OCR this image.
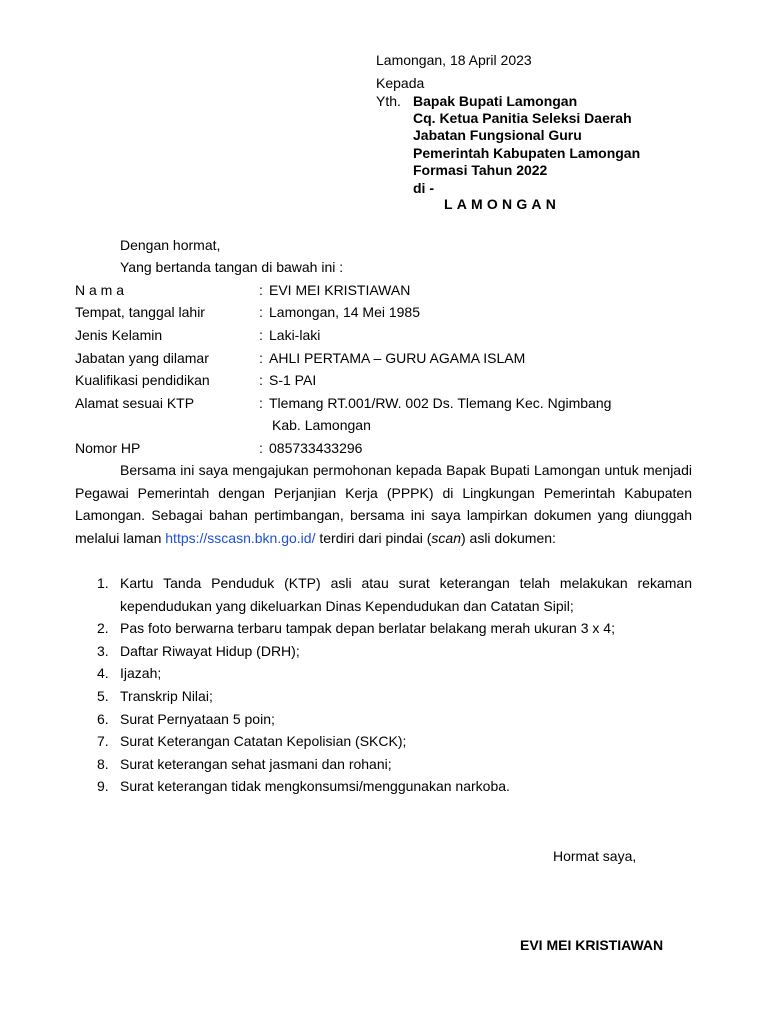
Lamongan, 18 April 2023
Kepada
Yth. Bapak Bupati Lamongan
Cq. Ketua Panitia Seleksi Daerah
Jabatan Fungsional Guru
Pemerintah Kabupaten Lamongan
Formasi Tahun 2022
di -
LAMONGAN
Dengan hormat,
Yang bertanda tangan di bawah ini :
N a m a	: EVI MEI KRISTIAWAN
Tempat, tanggal lahir	: Lamongan, 14 Mei 1985
Jenis Kelamin	: Laki-laki
Jabatan yang dilamar	: AHLI PERTAMA – GURU AGAMA ISLAM
Kualifikasi pendidikan	: S-1 PAI
Alamat sesuai KTP	: Tlemang RT.001/RW. 002 Ds. Tlemang Kec. Ngimbang
Kab. Lamongan
Nomor HP	: 085733433296
Bersama ini saya mengajukan permohonan kepada Bapak Bupati Lamongan untuk menjadi Pegawai Pemerintah dengan Perjanjian Kerja (PPPK) di Lingkungan Pemerintah Kabupaten Lamongan. Sebagai bahan pertimbangan, bersama ini saya lampirkan dokumen yang diunggah melalui laman https://sscasn.bkn.go.id/ terdiri dari pindai (scan) asli dokumen:
1. Kartu Tanda Penduduk (KTP) asli atau surat keterangan telah melakukan rekaman kependudukan yang dikeluarkan Dinas Kependudukan dan Catatan Sipil;
2. Pas foto berwarna terbaru tampak depan berlatar belakang merah ukuran 3 x 4;
3. Daftar Riwayat Hidup (DRH);
4. Ijazah;
5. Transkrip Nilai;
6. Surat Pernyataan 5 poin;
7. Surat Keterangan Catatan Kepolisian (SKCK);
8. Surat keterangan sehat jasmani dan rohani;
9. Surat keterangan tidak mengkonsumsi/menggunakan narkoba.
Hormat saya,
EVI MEI KRISTIAWAN
